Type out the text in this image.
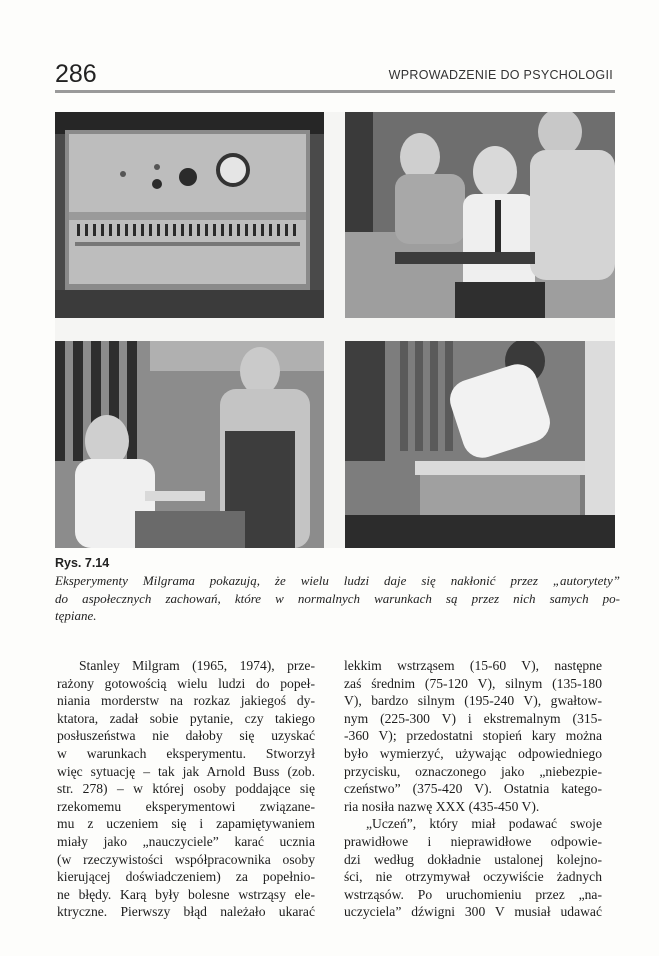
286	WPROWADZENIE DO PSYCHOLOGII

Rys. 7.14

Eksperymenty Milgrama pokazują, że wielu ludzi daje się nakłonić przez „autorytety”
do aspołecznych zachowań, które w normalnych warunkach są przez nich samych po-
tępiane.

Stanley Milgram (1965, 1974), prze-
rażony gotowością wielu ludzi do popeł-
niania morderstw na rozkaz jakiegoś dy-
ktatora, zadał sobie pytanie, czy takiego
posłuszeństwa nie dałoby się uzyskać
w warunkach eksperymentu. Stworzył
więc sytuację – tak jak Arnold Buss (zob.
str. 278) – w której osoby poddające się
rzekomemu eksperymentowi związane-
mu z uczeniem się i zapamiętywaniem
miały jako „nauczyciele” karać ucznia
(w rzeczywistości współpracownika osoby
kierującej doświadczeniem) za popełnio-
ne błędy. Karą były bolesne wstrząsy ele-
ktryczne. Pierwszy błąd należało ukarać
lekkim wstrząsem (15-60 V), następne
zaś średnim (75-120 V), silnym (135-180
V), bardzo silnym (195-240 V), gwałtow-
nym (225-300 V) i ekstremalnym (315-
-360 V); przedostatni stopień kary można
było wymierzyć, używając odpowiedniego
przycisku, oznaczonego jako „niebezpie-
czeństwo” (375-420 V). Ostatnia katego-
ria nosiła nazwę XXX (435-450 V).
„Uczeń”, który miał podawać swoje
prawidłowe i nieprawidłowe odpowie-
dzi według dokładnie ustalonej kolejno-
ści, nie otrzymywał oczywiście żadnych
wstrząsów. Po uruchomieniu przez „na-
uczyciela” dźwigni 300 V musiał udawać
